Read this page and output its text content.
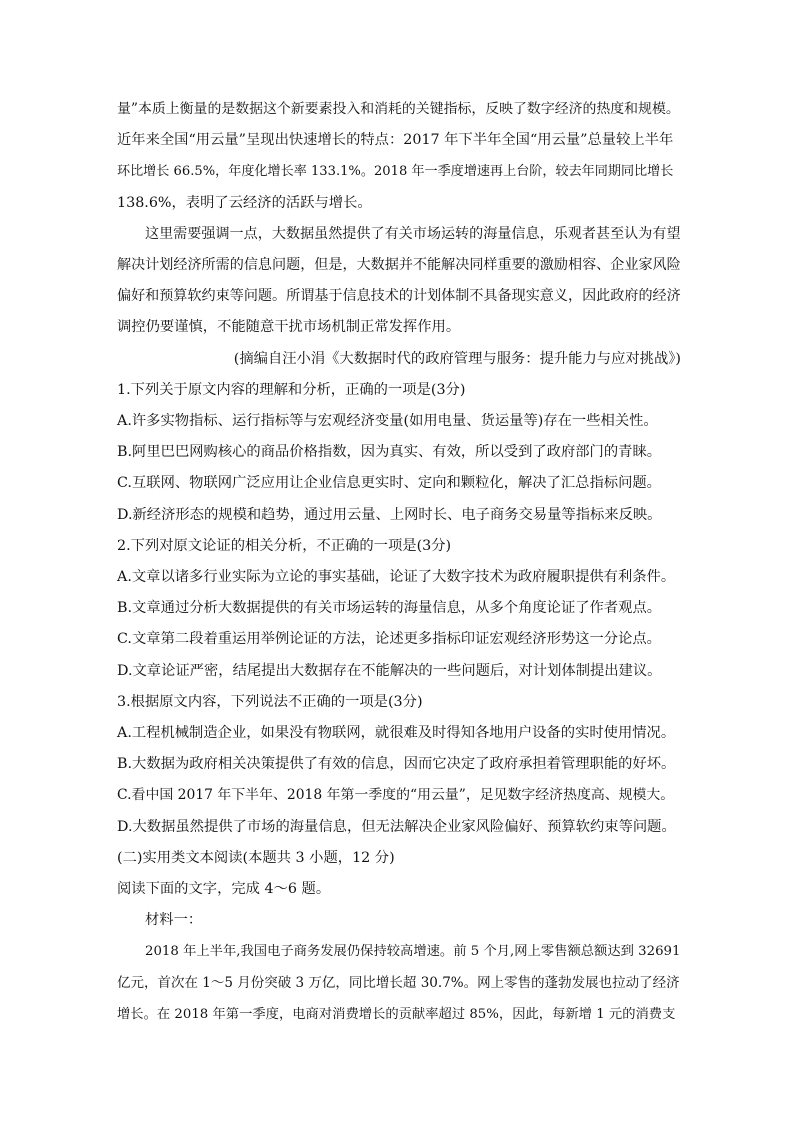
量”本质上衡量的是数据这个新要素投入和消耗的关键指标，反映了数字经济的热度和规模。
近年来全国“用云量”呈现出快速增长的特点：2017 年下半年全国“用云量”总量较上半年
环比增长 66.5%，年度化增长率 133.1%。2018 年一季度增速再上台阶，较去年同期同比增长
138.6%，表明了云经济的活跃与增长。

这里需要强调一点，大数据虽然提供了有关市场运转的海量信息，乐观者甚至认为有望
解决计划经济所需的信息问题，但是，大数据并不能解决同样重要的激励相容、企业家风险
偏好和预算软约束等问题。所谓基于信息技术的计划体制不具备现实意义，因此政府的经济
调控仍要谨慎，不能随意干扰市场机制正常发挥作用。

(摘编自汪小涓《大数据时代的政府管理与服务：提升能力与应对挑战》)

1.下列关于原文内容的理解和分析，正确的一项是(3分)

A.许多实物指标、运行指标等与宏观经济变量(如用电量、货运量等)存在一些相关性。

B.阿里巴巴网购核心的商品价格指数，因为真实、有效，所以受到了政府部门的青睐。

C.互联网、物联网广泛应用让企业信息更实时、定向和颗粒化，解决了汇总指标问题。

D.新经济形态的规模和趋势，通过用云量、上网时长、电子商务交易量等指标来反映。

2.下列对原文论证的相关分析，不正确的一项是(3分)

A.文章以诸多行业实际为立论的事实基础，论证了大数字技术为政府履职提供有利条件。

B.文章通过分析大数据提供的有关市场运转的海量信息，从多个角度论证了作者观点。

C.文章第二段着重运用举例论证的方法，论述更多指标印证宏观经济形势这一分论点。

D.文章论证严密，结尾提出大数据存在不能解决的一些问题后，对计划体制提出建议。

3.根据原文内容，下列说法不正确的一项是(3分)

A.工程机械制造企业，如果没有物联网，就很难及时得知各地用户设备的实时使用情况。

B.大数据为政府相关决策提供了有效的信息，因而它决定了政府承担着管理职能的好坏。

C.看中国 2017 年下半年、2018 年第一季度的“用云量”，足见数字经济热度高、规模大。

D.大数据虽然提供了市场的海量信息，但无法解决企业家风险偏好、预算软约束等问题。

(二)实用类文本阅读(本题共 3 小题，12 分)

阅读下面的文字，完成 4～6 题。

材料一：

2018 年上半年,我国电子商务发展仍保持较高增速。前 5 个月,网上零售额总额达到 32691
亿元，首次在 1～5 月份突破 3 万亿，同比增长超 30.7%。网上零售的蓬勃发展也拉动了经济
增长。在 2018 年第一季度，电商对消费增长的贡献率超过 85%，因此，每新增 1 元的消费支
